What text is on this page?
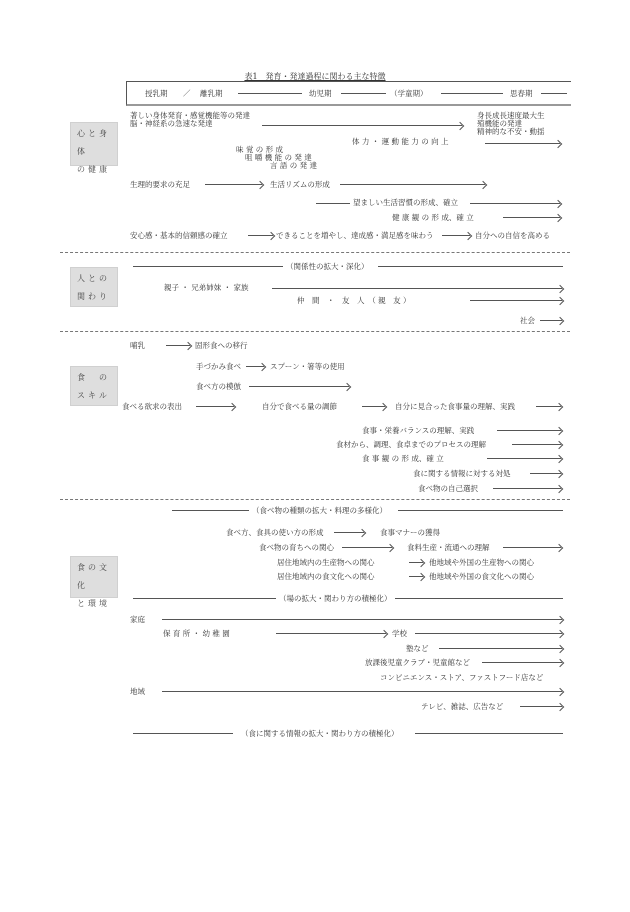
表1　発育・発達過程に関わる主な特徴
授乳期 ／ 離乳期	幼児期	（学童期）	思春期
心と身体
の健康
著しい身体発育・感覚機能等の発達
脳・神経系の急速な発達
身長成長速度最大生
殖機能の発達
精神的な不安・動揺
体 力 ・ 運 動 能 力 の 向 上
味 覚 の 形 成
咀 嚼 機 能 の 発 達
言 語 の 発 達
生理的要求の充足	生活リズムの形成
望ましい生活習慣の形成、確立
健 康 観 の 形 成、確 立
安心感・基本的信頼感の確立	できることを増やし、達成感・満足感を味わう	自分への自信を高める
人との
関わり
（関係性の拡大・深化）
親子 ・ 兄弟姉妹 ・ 家族
仲　間　・　友　人　（ 親　友 ）
社会
食　の
スキル
哺乳	固形食への移行
手づかみ食べ	スプーン・箸等の使用
食べ方の模倣
食べる欲求の表出	自分で食べる量の調節	自分に見合った食事量の理解、実践
食事・栄養バランスの理解、実践
食材から、調理、食卓までのプロセスの理解
食 事 観 の 形 成、確 立
食に関する情報に対する対処
食べ物の自己選択
食の文化
と環境
（食べ物の種類の拡大・料理の多様化）
食べ方、食具の使い方の形成	食事マナーの獲得
食べ物の育ちへの関心	食料生産・流通への理解
居住地域内の生産物への関心	他地域や外国の生産物への関心
居住地域内の食文化への関心	他地域や外国の食文化への関心
（場の拡大・関わり方の積極化）
家庭
保 育 所 ・ 幼 稚 園	学校
塾など
放課後児童クラブ・児童館など
コンビニエンス・ストア、ファストフード店など
地域
テレビ、雑誌、広告など
（食に関する情報の拡大・関わり方の積極化）
